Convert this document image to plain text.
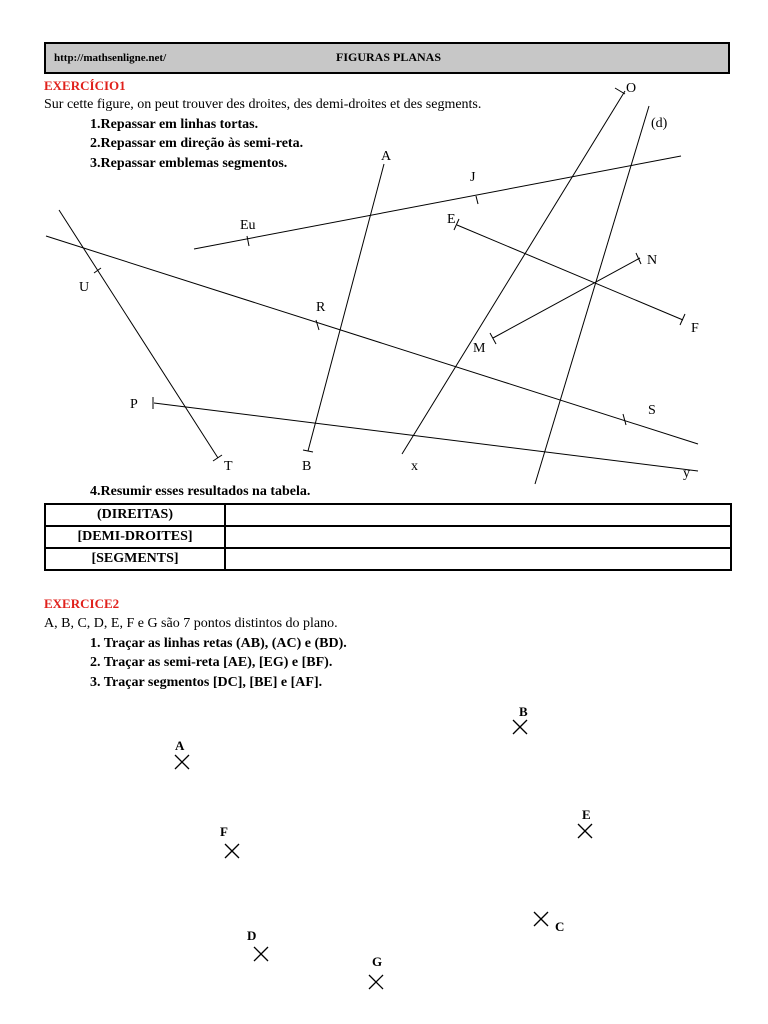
http://mathsenligne.net/	FIGURAS PLANAS
EXERCÍCIO1
Sur cette figure, on peut trouver des droites, des demi-droites et des segments.
1.Repassar em linhas tortas.
2.Repassar em direção às semi-reta.
3.Repassar emblemas segmentos.
O
(d)
A
J
Eu	E
N
U
R
F
M
P	S
T	B	x	y
A
B
E
F
C
D
G
4.Resumir esses resultados na tabela.
(DIREITAS)	
[DEMI-DROITES]	
[SEGMENTS]	
EXERCICE2
A, B, C, D, E, F e G são 7 pontos distintos do plano.
1. Traçar as linhas retas (AB), (AC) e (BD).
2. Traçar as semi-reta [AE), [EG) e [BF).
3. Traçar segmentos [DC], [BE] e [AF].
